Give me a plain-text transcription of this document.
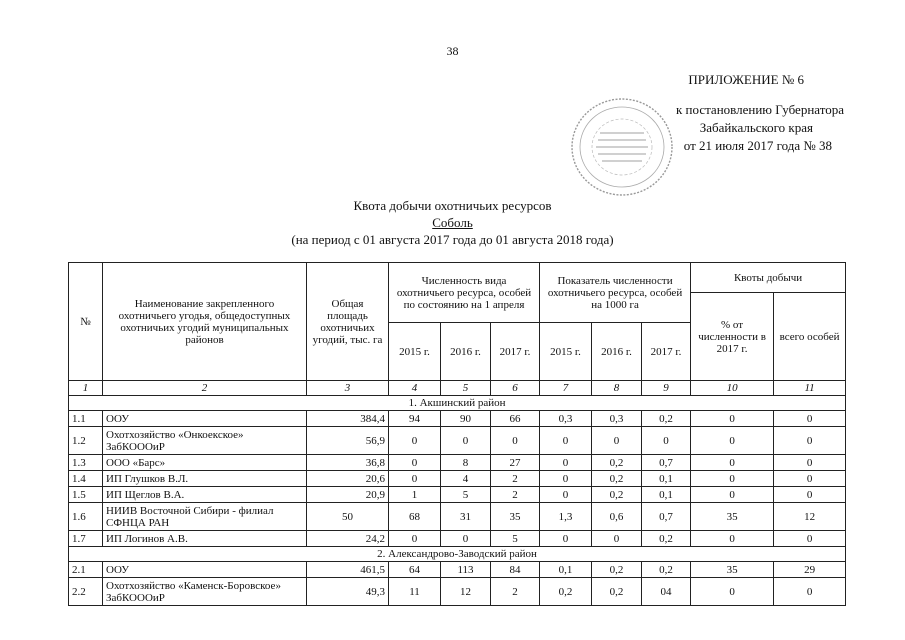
38
ПРИЛОЖЕНИЕ № 6
к постановлению Губернатора
Забайкальского края
от 21 июля 2017 года № 38
Квота добычи охотничьих ресурсов
Соболь
(на период с 01 августа 2017 года до 01 августа 2018 года)
№	Наименование закрепленного охотничьего угодья, общедоступных охотничьих угодий муниципальных районов	Общая площадь охотничьих угодий, тыс. га	Численность вида охотничьего ресурса, особей по состоянию на 1 апреля			Показатель численности охотничьего ресурса, особей на 1000 га			Квоты добычи	
									% от численности в 2017 г.	всего особей
			2015 г.	2016 г.	2017 г.	2015 г.	2016 г.	2017 г.		
1	2	3	4	5	6	7	8	9	10	11
1. Акшинский район										
1.1	ООУ	384,4	94	90	66	0,3	0,3	0,2	0	0
1.2	Охотхозяйство «Онкоекское» ЗабКОООиР	56,9	0	0	0	0	0	0	0	0
1.3	ООО «Барс»	36,8	0	8	27	0	0,2	0,7	0	0
1.4	ИП Глушков В.Л.	20,6	0	4	2	0	0,2	0,1	0	0
1.5	ИП Щеглов В.А.	20,9	1	5	2	0	0,2	0,1	0	0
1.6	НИИВ Восточной Сибири - филиал СФНЦА РАН	50	68	31	35	1,3	0,6	0,7	35	12
1.7	ИП Логинов А.В.	24,2	0	0	5	0	0	0,2	0	0
2. Александрово-Заводский район										
2.1	ООУ	461,5	64	113	84	0,1	0,2	0,2	35	29
2.2	Охотхозяйство «Каменск-Боровское» ЗабКОООиР	49,3	11	12	2	0,2	0,2	04	0	0
